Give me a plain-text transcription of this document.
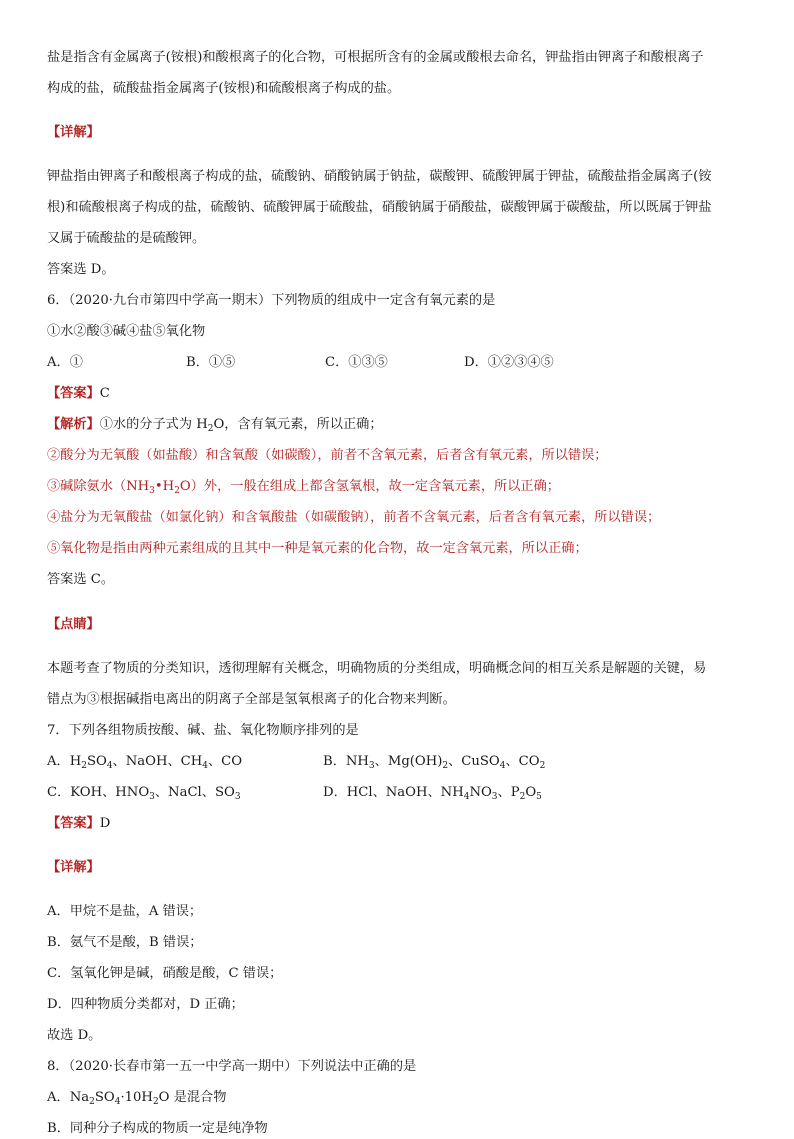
盐是指含有金属离子(铵根)和酸根离子的化合物，可根据所含有的金属或酸根去命名，钾盐指由钾离子和酸根离子

构成的盐，硫酸盐指金属离子(铵根)和硫酸根离子构成的盐。

【详解】

钾盐指由钾离子和酸根离子构成的盐，硫酸钠、硝酸钠属于钠盐，碳酸钾、硫酸钾属于钾盐，硫酸盐指金属离子(铵

根)和硫酸根离子构成的盐，硫酸钠、硫酸钾属于硫酸盐，硝酸钠属于硝酸盐，碳酸钾属于碳酸盐，所以既属于钾盐

又属于硫酸盐的是硫酸钾。

答案选 D。

6．（2020·九台市第四中学高一期末）下列物质的组成中一定含有氧元素的是

①水②酸③碱④盐⑤氧化物

A．①	B．①⑤	C．①③⑤	D．①②③④⑤

【答案】C

【解析】①水的分子式为 $H_2O$，含有氧元素，所以正确；

②酸分为无氧酸（如盐酸）和含氧酸（如碳酸），前者不含氧元素，后者含有氧元素，所以错误；

③碱除氨水$(NH_3•H_2O)$外，一般在组成上都含氢氧根，故一定含氧元素，所以正确；

④盐分为无氧酸盐（如氯化钠）和含氧酸盐（如碳酸钠），前者不含氧元素，后者含有氧元素，所以错误；

⑤氧化物是指由两种元素组成的且其中一种是氧元素的化合物，故一定含氧元素，所以正确；

答案选 C。

【点睛】

本题考查了物质的分类知识，透彻理解有关概念，明确物质的分类组成，明确概念间的相互关系是解题的关键，易

错点为③根据碱指电离出的阴离子全部是氢氧根离子的化合物来判断。

7．下列各组物质按酸、碱、盐、氧化物顺序排列的是

A．$H_2SO_4$、NaOH、$CH_4$、CO	B．$NH_3$、$Mg(OH)_2$、CuSO$_4$、$CO_2$
C．KOH、$HNO_3$、NaCl、$SO_3$	D．HCl、NaOH、$NH_4NO_3$、$P_2O_5$

【答案】D

【详解】

A．甲烷不是盐，A 错误；

B．氨气不是酸，B 错误；

C．氢氧化钾是碱，硝酸是酸，C 错误；

D．四种物质分类都对，D 正确；

故选 D。

8．（2020·长春市第一五一中学高一期中）下列说法中正确的是

A．$Na_2SO_4\cdot 10H_2O$ 是混合物

B．同种分子构成的物质一定是纯净物
